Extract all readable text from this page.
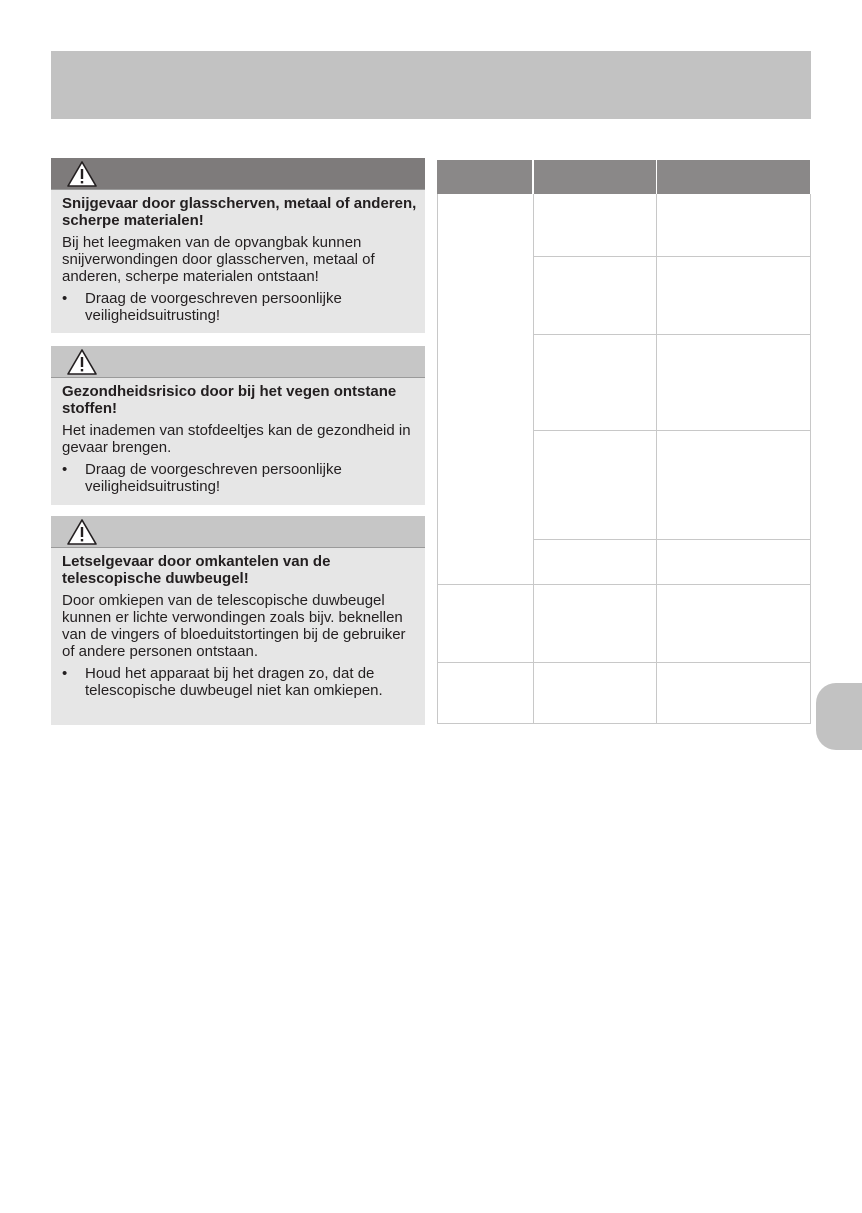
Snijgevaar door glasscherven, metaal of anderen, scherpe materialen!
Bij het leegmaken van de opvangbak kunnen snijverwondingen door glasscherven, metaal of anderen, scherpe materialen ontstaan!
• Draag de voorgeschreven persoonlijke veiligheidsuitrusting!
Gezondheidsrisico door bij het vegen ontstane stoffen!
Het inademen van stofdeeltjes kan de gezondheid in gevaar brengen.
• Draag de voorgeschreven persoonlijke veiligheidsuitrusting!
Letselgevaar door omkantelen van de telescopische duwbeugel!
Door omkiepen van de telescopische duwbeugel kunnen er lichte verwondingen zoals bijv. beknellen van de vingers of bloeduitstortingen bij de gebruiker of andere personen ontstaan.
• Houd het apparaat bij het dragen zo, dat de telescopische duwbeugel niet kan omkiepen.
